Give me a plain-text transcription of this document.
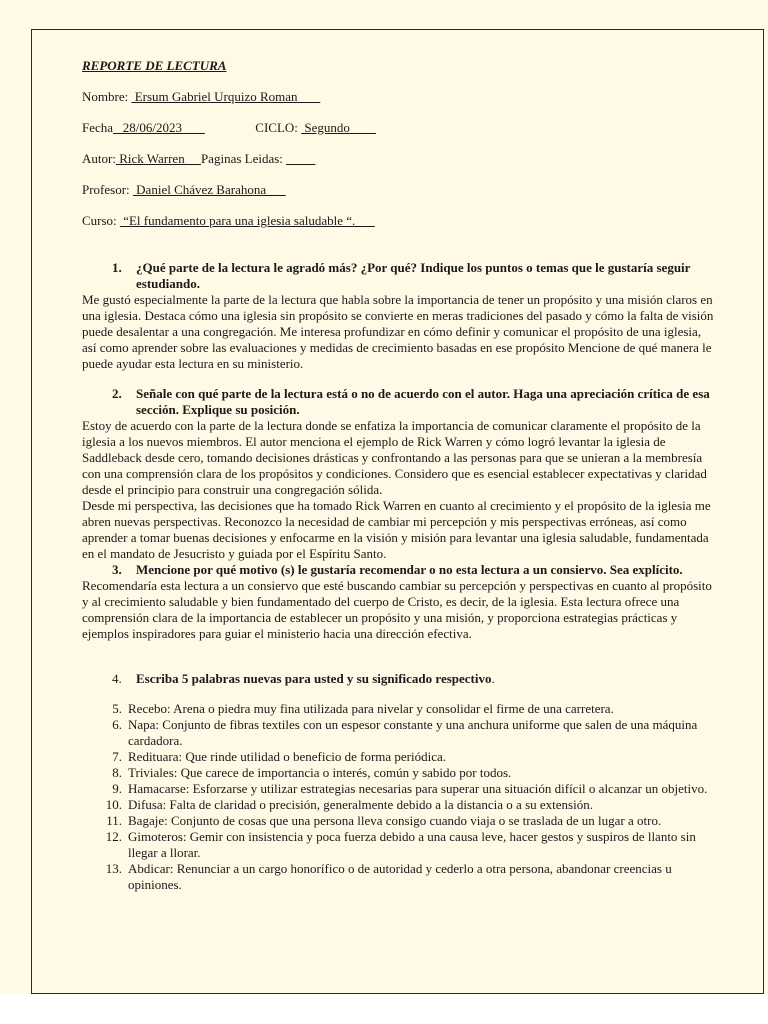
REPORTE DE LECTURA

Nombre:  Ersum Gabriel Urquizo Roman
Fecha   28/06/2023	CICLO:  Segundo
Autor: Rick Warren     Paginas Leidas:
Profesor:  Daniel Chávez Barahona
Curso:  “El fundamento para una iglesia saludable “.
1. ¿Qué parte de la lectura le agradó más? ¿Por qué? Indique los puntos o temas que le gustaría seguir estudiando.
Me gustó especialmente la parte de la lectura que habla sobre la importancia de tener un propósito y una misión claros en una iglesia. Destaca cómo una iglesia sin propósito se convierte en meras tradiciones del pasado y cómo la falta de visión puede desalentar a una congregación. Me interesa profundizar en cómo definir y comunicar el propósito de una iglesia, así como aprender sobre las evaluaciones y medidas de crecimiento basadas en ese propósito Mencione de qué manera le puede ayudar esta lectura en su ministerio.
2. Señale con qué parte de la lectura está o no de acuerdo con el autor. Haga una apreciación crítica de esa sección. Explique su posición.
Estoy de acuerdo con la parte de la lectura donde se enfatiza la importancia de comunicar claramente el propósito de la iglesia a los nuevos miembros. El autor menciona el ejemplo de Rick Warren y cómo logró levantar la iglesia de Saddleback desde cero, tomando decisiones drásticas y confrontando a las personas para que se unieran a la membresía con una comprensión clara de los propósitos y condiciones. Considero que es esencial establecer expectativas y claridad desde el principio para construir una congregación sólida.
Desde mi perspectiva, las decisiones que ha tomado Rick Warren en cuanto al crecimiento y el propósito de la iglesia me abren nuevas perspectivas. Reconozco la necesidad de cambiar mi percepción y mis perspectivas erróneas, así como aprender a tomar buenas decisiones y enfocarme en la visión y misión para levantar una iglesia saludable, fundamentada en el mandato de Jesucristo y guiada por el Espíritu Santo.
3. Mencione por qué motivo (s) le gustaría recomendar o no esta lectura a un consiervo. Sea explícito.
Recomendaría esta lectura a un consiervo que esté buscando cambiar su percepción y perspectivas en cuanto al propósito y al crecimiento saludable y bien fundamentado del cuerpo de Cristo, es decir, de la iglesia. Esta lectura ofrece una comprensión clara de la importancia de establecer un propósito y una misión, y proporciona estrategias prácticas y ejemplos inspiradores para guiar el ministerio hacia una dirección efectiva.
4. Escriba 5 palabras nuevas para usted y su significado respectivo.
5. Recebo: Arena o piedra muy fina utilizada para nivelar y consolidar el firme de una carretera.
6. Napa: Conjunto de fibras textiles con un espesor constante y una anchura uniforme que salen de una máquina cardadora.
7. Redituara: Que rinde utilidad o beneficio de forma periódica.
8. Triviales: Que carece de importancia o interés, común y sabido por todos.
9. Hamacarse: Esforzarse y utilizar estrategias necesarias para superar una situación difícil o alcanzar un objetivo.
10. Difusa: Falta de claridad o precisión, generalmente debido a la distancia o a su extensión.
11. Bagaje: Conjunto de cosas que una persona lleva consigo cuando viaja o se traslada de un lugar a otro.
12. Gimoteros: Gemir con insistencia y poca fuerza debido a una causa leve, hacer gestos y suspiros de llanto sin llegar a llorar.
13. Abdicar: Renunciar a un cargo honorífico o de autoridad y cederlo a otra persona, abandonar creencias u opiniones.
